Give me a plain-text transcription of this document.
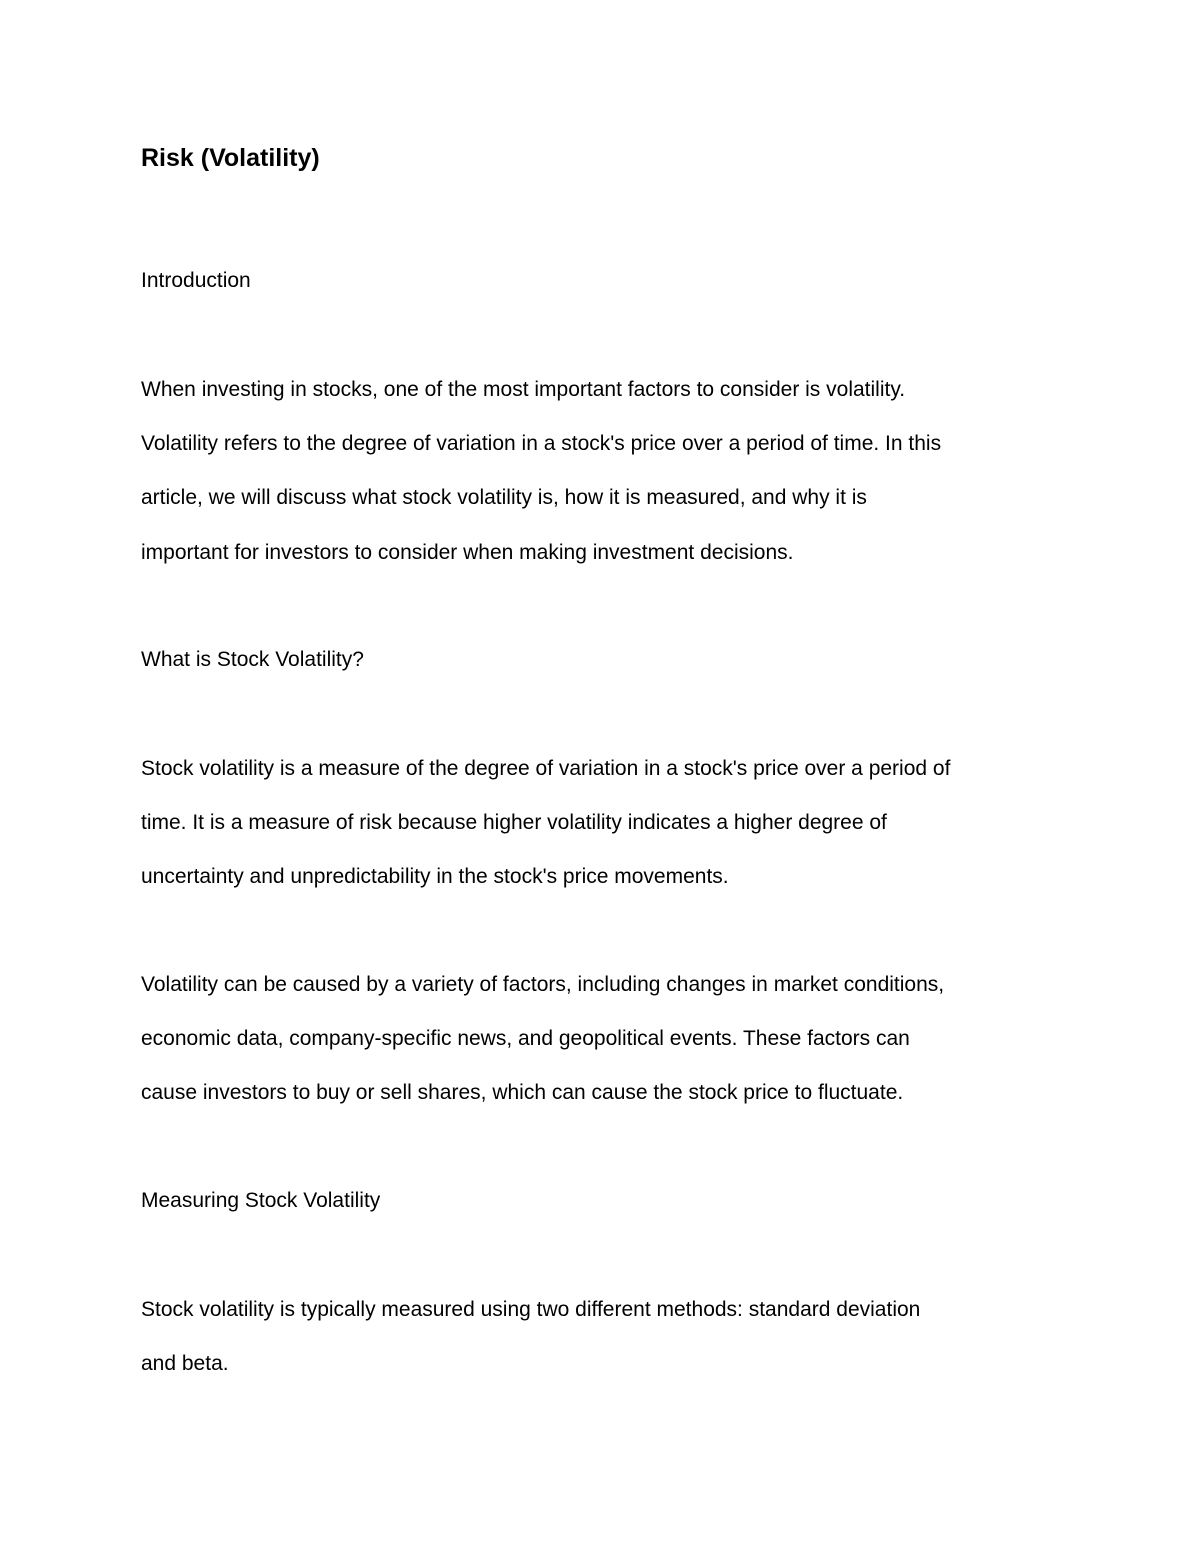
Risk (Volatility)
Introduction

When investing in stocks, one of the most important factors to consider is volatility.
Volatility refers to the degree of variation in a stock's price over a period of time. In this
article, we will discuss what stock volatility is, how it is measured, and why it is
important for investors to consider when making investment decisions.

What is Stock Volatility?

Stock volatility is a measure of the degree of variation in a stock's price over a period of
time. It is a measure of risk because higher volatility indicates a higher degree of
uncertainty and unpredictability in the stock's price movements.

Volatility can be caused by a variety of factors, including changes in market conditions,
economic data, company-specific news, and geopolitical events. These factors can
cause investors to buy or sell shares, which can cause the stock price to fluctuate.

Measuring Stock Volatility

Stock volatility is typically measured using two different methods: standard deviation
and beta.
